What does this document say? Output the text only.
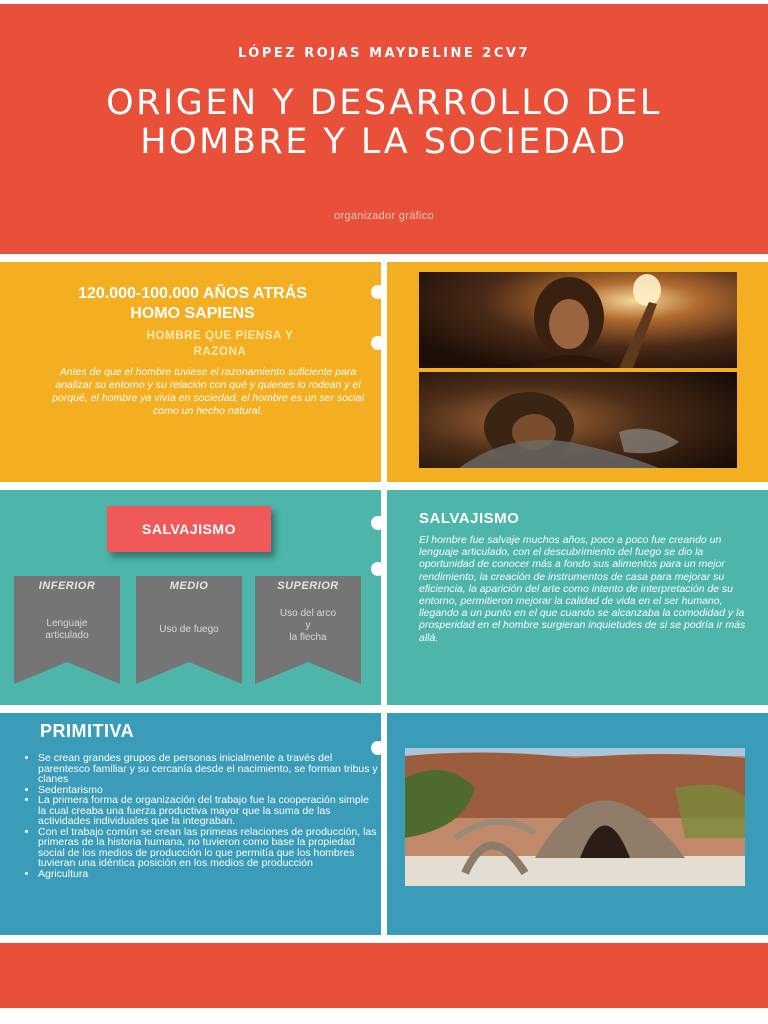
LÓPEZ ROJAS MAYDELINE 2CV7
ORIGEN Y DESARROLLO DEL
HOMBRE Y LA SOCIEDAD
organizador gráfico
120.000-100.000 AÑOS ATRÁS
HOMO SAPIENS
HOMBRE QUE PIENSA Y
RAZONA
Antes de que el hombre tuviese el razonamiento suficiente para analizar su entorno y su relación con qué y quienes lo rodean y el porqué, el hombre ya vivía en sociedad, el hombre es un ser social como un hecho natural.
SALVAJISMO
INFERIOR
Lenguaje
articulado
MEDIO
Uso de fuego
SUPERIOR
Uso del arco
y
la flecha
SALVAJISMO
El hombre fue salvaje muchos años, poco a poco fue creando un lenguaje articulado, con el descubrimiento del fuego se dio la oportunidad de conocer más a fondo sus alimentos para un mejor rendimiento, la creación de instrumentos de casa para mejorar su eficiencia, la aparición del arte como intento de interpretación de su entorno, permitieron mejorar la calidad de vida en el ser humano, llegando a un punto en el que cuando se alcanzaba la comodidad y la prosperidad en el hombre surgieran inquietudes de si se podría ir más allá.
PRIMITIVA
• Se crean grandes grupos de personas inicialmente a través del parentesco familiar y su cercanía desde el nacimiento, se forman tribus y clanes
• Sedentarismo
• La primera forma de organización del trabajo fue la cooperación simple la cual creaba una fuerza productiva mayor que la suma de las actividades individuales que la integraban.
• Con el trabajo común se crean las primeas relaciones de producción, las primeras de la historia humana, no tuvieron como base la propiedad social de los medios de producción lo que permitía que los hombres tuvieran una idéntica posición en los medios de producción
• Agricultura
